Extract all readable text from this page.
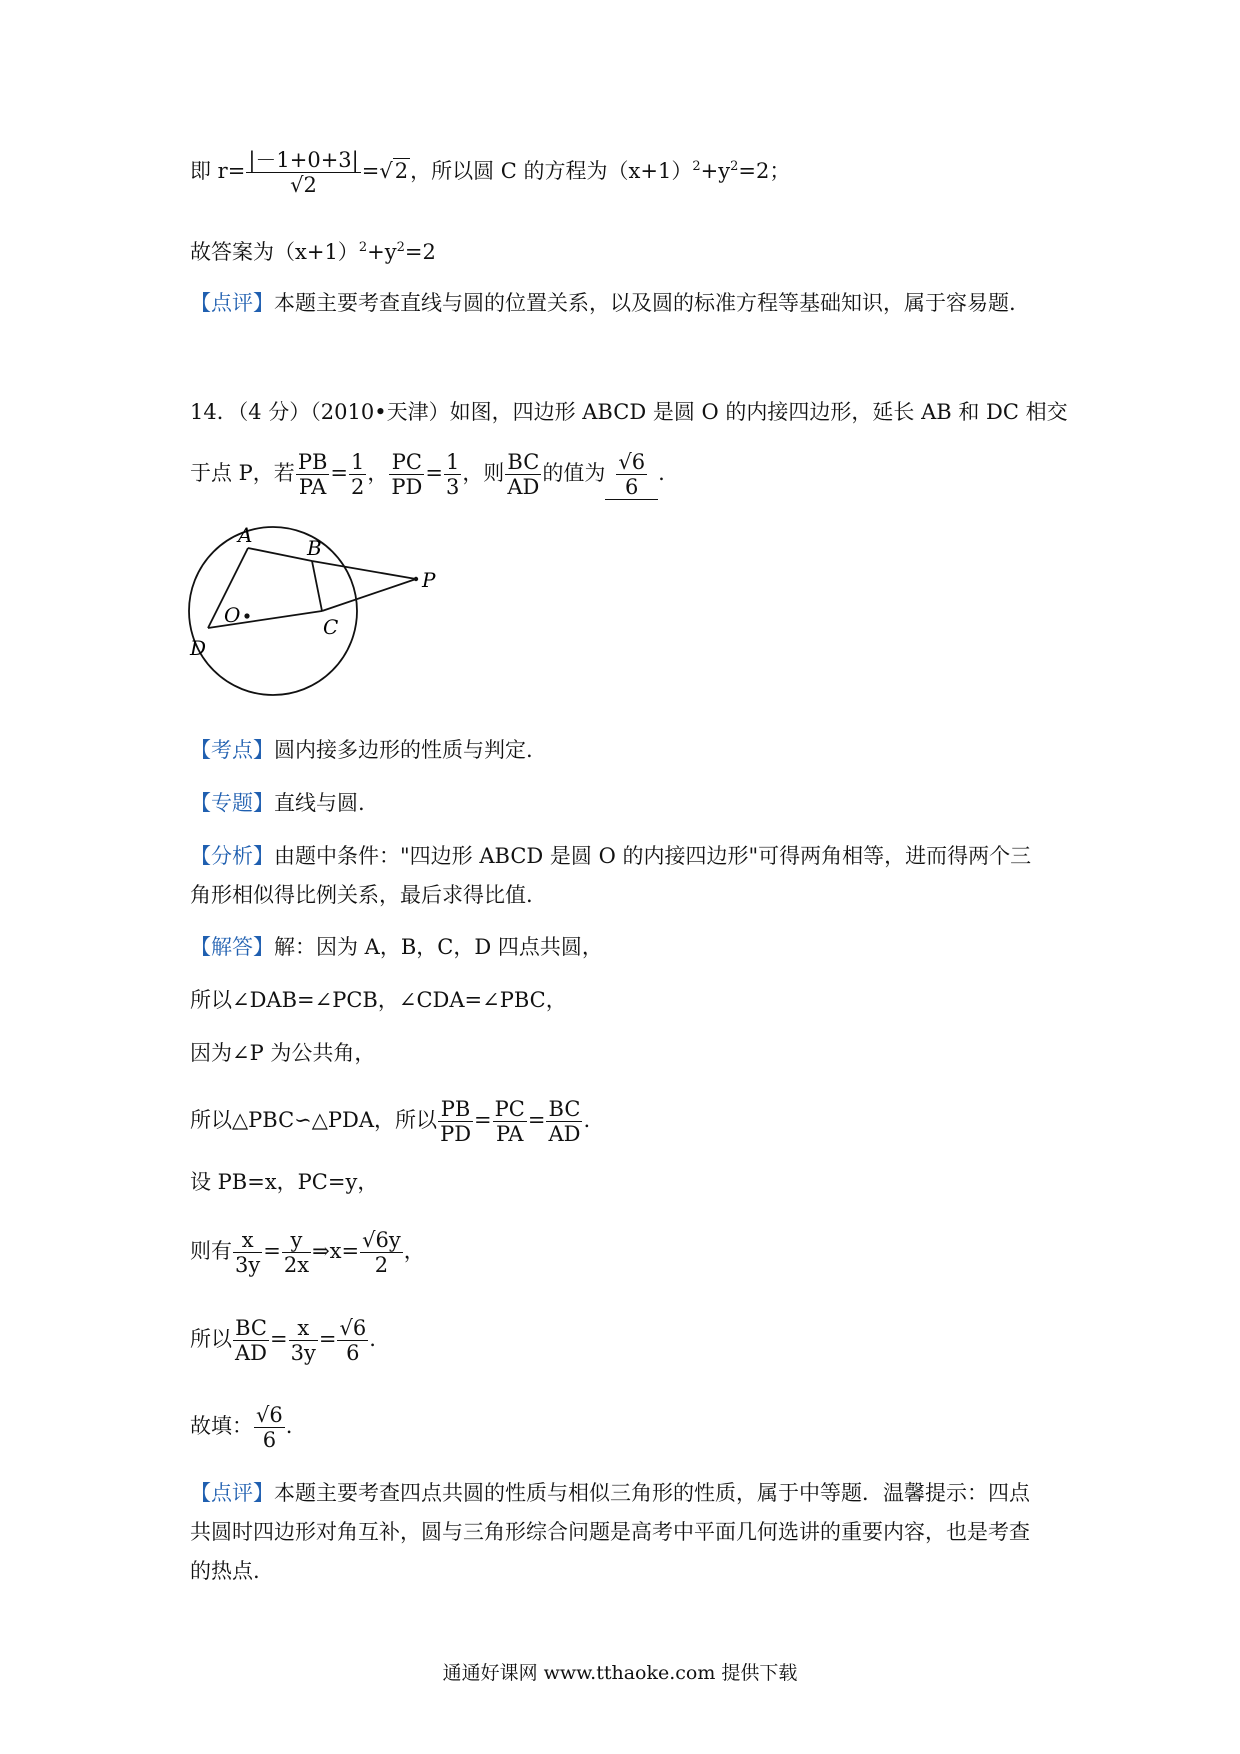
即 $r= \frac{|-1+0+3|}{√2} =√2$，所以圆 C 的方程为$(x+1)^2+y^2=2$；
故答案为$(x+1)^2+y^2=2$
【点评】本题主要考查直线与圆的位置关系，以及圆的标准方程等基础知识，属于容易题.
14．（4 分）（2010•天津）如图，四边形 ABCD 是圆 O 的内接四边形，延长 AB 和 DC 相交
于点 P，若 $\frac{PB}{PA} = \frac{1}{2}$ ， $\frac{PC}{PD} = \frac{1}{3}$ ，则 $\frac{BC}{AD}$ 的值为 $\frac{√6}{6}$ .
A
B
C
D
O
P
【考点】圆内接多边形的性质与判定.
【专题】直线与圆.
【分析】由题中条件："四边形 ABCD 是圆 O 的内接四边形"可得两角相等，进而得两个三
角形相似得比例关系，最后求得比值.
【解答】解：因为 A，B，C，D 四点共圆，
所以∠DAB=∠PCB，∠CDA=∠PBC，
因为∠P 为公共角，
所以△PBC∽△PDA，所以 $\frac{PB}{PD} = \frac{PC}{PA} = \frac{BC}{AD}$ .
设 PB=x，PC=y，
则有 $\frac{x}{3y} = \frac{y}{2x}$ ⇒x= $\frac{√6y}{2}$ ，
所以 $\frac{BC}{AD} = \frac{x}{3y} = \frac{√6}{6}$ .
故填： $\frac{√6}{6}$ .
【点评】本题主要考查四点共圆的性质与相似三角形的性质，属于中等题．温馨提示：四点
共圆时四边形对角互补，圆与三角形综合问题是高考中平面几何选讲的重要内容，也是考查
的热点.
通通好课网 www.tthaoke.com 提供下载
